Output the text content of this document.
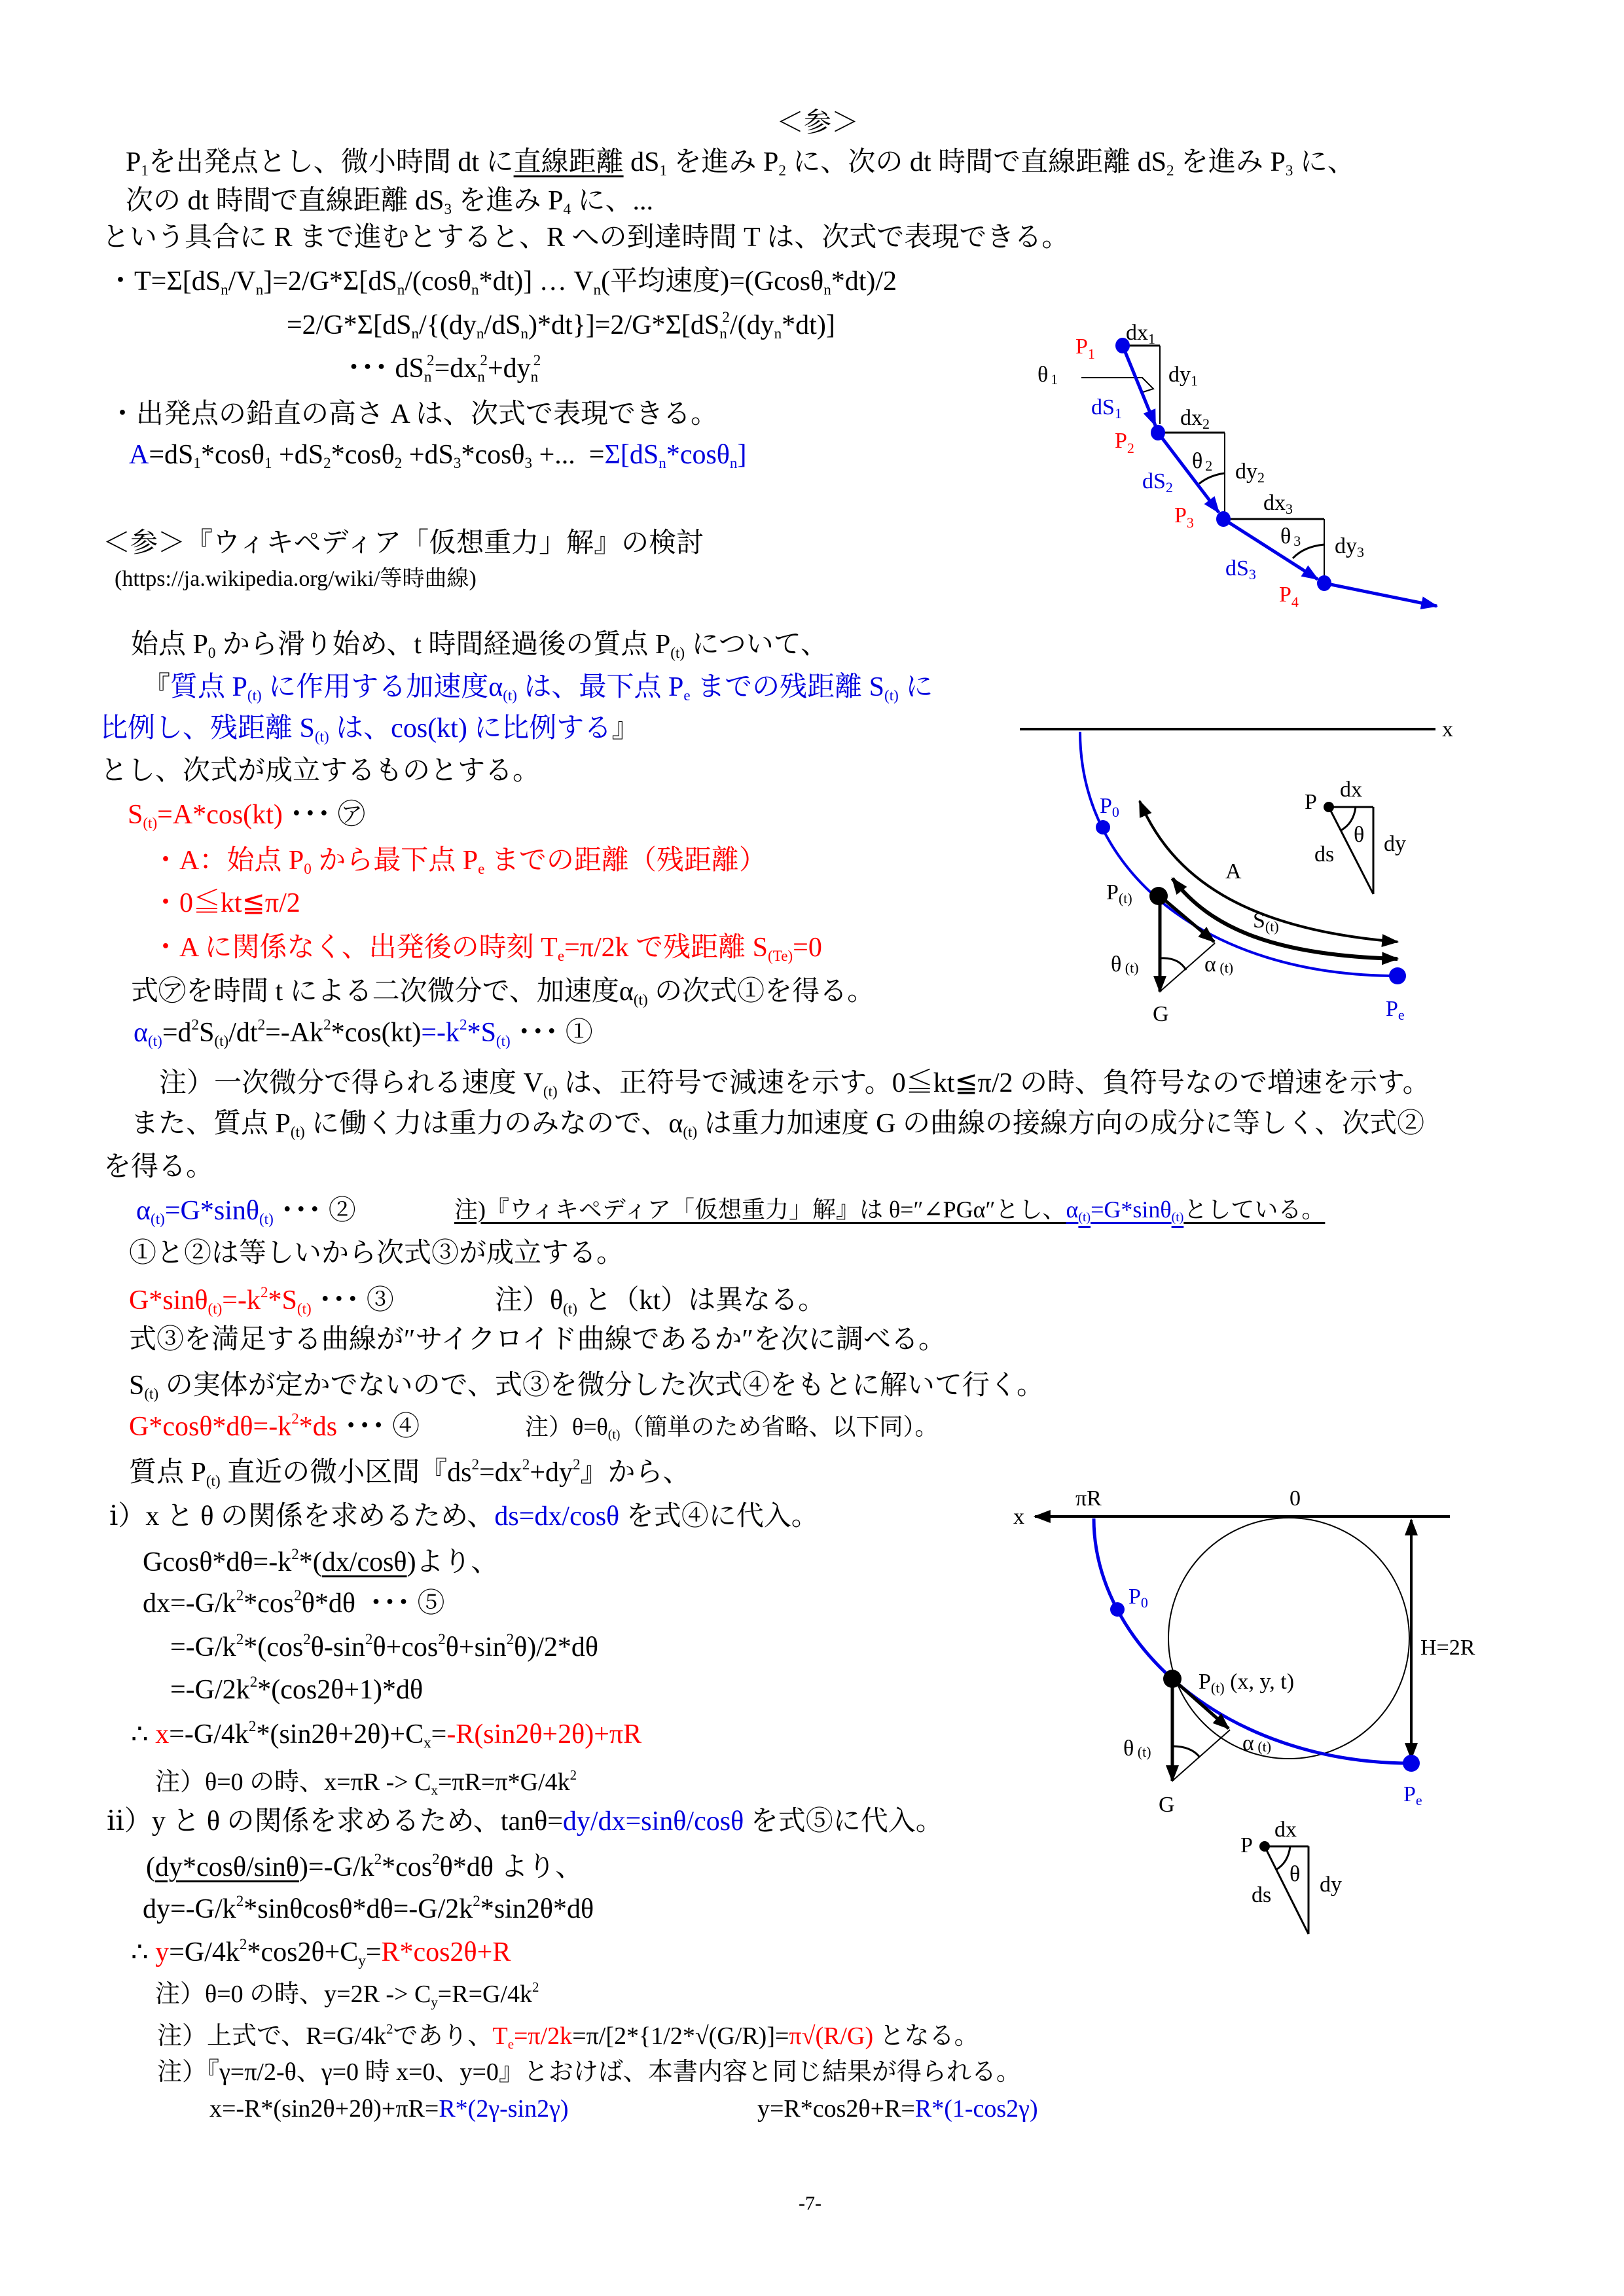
＜参＞
P1を出発点とし、微小時間 dt に直線距離 dS1 を進み P2 に、次の dt 時間で直線距離 dS2 を進み P3 に、
次の dt 時間で直線距離 dS3 を進み P4 に、...
という具合に R まで進むとすると、R への到達時間 T は、次式で表現できる。
・T=Σ[dSn/Vn]=2/G*Σ[dSn/(cosθn*dt)] … Vn(平均速度)=(Gcosθn*dt)/2
=2/G*Σ[dSn/{(dyn/dSn)*dt}]=2/G*Σ[dSn$^2$/(dyn*dt)]
･･･ dSn$^2$=dxn$^2$+dyn$^2$
・出発点の鉛直の高さ A は、次式で表現できる。
A=dS1*cosθ1 +dS2*cosθ2 +dS3*cosθ3 +...  =Σ[dSn*cosθn]
＜参＞『ウィキペディア「仮想重力」解』の検討
(https://ja.wikipedia.org/wiki/等時曲線)
始点 P0 から滑り始め、t 時間経過後の質点 P(t) について、
『質点 P(t) に作用する加速度α(t) は、最下点 Pe までの残距離 S(t) に
比例し、残距離 S(t) は、cos(kt) に比例する』
とし、次式が成立するものとする。
S(t)=A*cos(kt) ･･･ ㋐
・A：始点 P0 から最下点 Pe までの距離（残距離）
・0≦kt≦π/2
・A に関係なく、出発後の時刻 Te=π/2k で残距離 S(Te)=0
式㋐を時間 t による二次微分で、加速度α(t) の次式①を得る。
$\alpha(t)=d^2S(t)/dt^2=-Ak^2*\cos(kt)=-k^2*S(t)$ ･･･ ①
注）一次微分で得られる速度 V(t) は、正符号で減速を示す。0≦kt≦π/2 の時、負符号なので増速を示す。
また、質点 P(t) に働く力は重力のみなので、α(t) は重力加速度 G の曲線の接線方向の成分に等しく、次式②
を得る。
α(t)=G*sinθ(t) ･･･ ②	注)『ウィキペディア「仮想重力」解』は θ=″∠PGα″とし、α(t)=G*sinθ(t)としている。
①と②は等しいから次式③が成立する。
$G*\sin\theta(t)=-k^2*S(t)$ ･･･ ③	注）θ(t) と（kt）は異なる。
式③を満足する曲線が″サイクロイド曲線であるか″を次に調べる。
S(t) の実体が定かでないので、式③を微分した次式④をもとに解いて行く。
$G*\cos\theta*d\theta=-k^2*ds$ ･･･ ④	注）θ=θ(t)（簡単のため省略、以下同）。
質点 P(t) 直近の微小区間『$ds^2=dx^2+dy^2$』から、
ⅰ）x と θ の関係を求めるため、ds=dx/cosθ を式④に代入。
$Gcos\theta*d\theta=-k^2*(dx/\cos\theta)$より、
$dx=-G/k^2*\cos^2\theta*d\theta$  ･･･ ⑤
$=-G/k^2*(\cos^2\theta-\sin^2\theta+\cos^2\theta+\sin^2\theta)/2*d\theta$
$=-G/2k^2*(\cos 2\theta+1)*d\theta$
∴ $x=-G/4k^2*(\sin 2\theta+2\theta)+Cx=-R(\sin 2\theta+2\theta)+\pi R$
注）θ=0 の時、$x=\pi R -> Cx=\pi R=\pi*G/4k^2$
ⅱ）y と θ の関係を求めるため、tanθ=dy/dx=sinθ/cosθ を式⑤に代入。
$(dy*\cos\theta/\sin\theta)=-G/k^2*\cos^2\theta*d\theta$ より、
$dy=-G/k^2*\sin\theta\cos\theta*d\theta=-G/2k^2*\sin 2\theta*d\theta$
∴ $y=G/4k^2*\cos 2\theta+Cy=R*\cos 2\theta+R$
注）θ=0 の時、$y=2R -> Cy=R=G/4k^2$
注）上式で、$R=G/4k^2$であり、Te=π/2k=π/[2*{1/2*√(G/R)]=π√(R/G) となる。
注）『γ=π/2-θ、γ=0 時 x=0、y=0』とおけば、本書内容と同じ結果が得られる。
x=-R*(sin2θ+2θ)+πR=R*(2γ-sin2γ)	y=R*cos2θ+R=R*(1-cos2γ)
-7-
$P_1$
$P_2$
$P_3$
$P_4$
dx1
dx2
dx3
dy1
dy2
dy3
dS1
dS2
dS3
θ 1
θ 2
θ 3
x
P0
P(t)
Pe
G
θ (t)	α (t)
A
S(t)
P
dx
θ
ds dy
x
πR	0
H=2R
P0
P(t) (x, y, t)
Pe
G
θ (t)	α (t)
P
dx
θ
ds dy
